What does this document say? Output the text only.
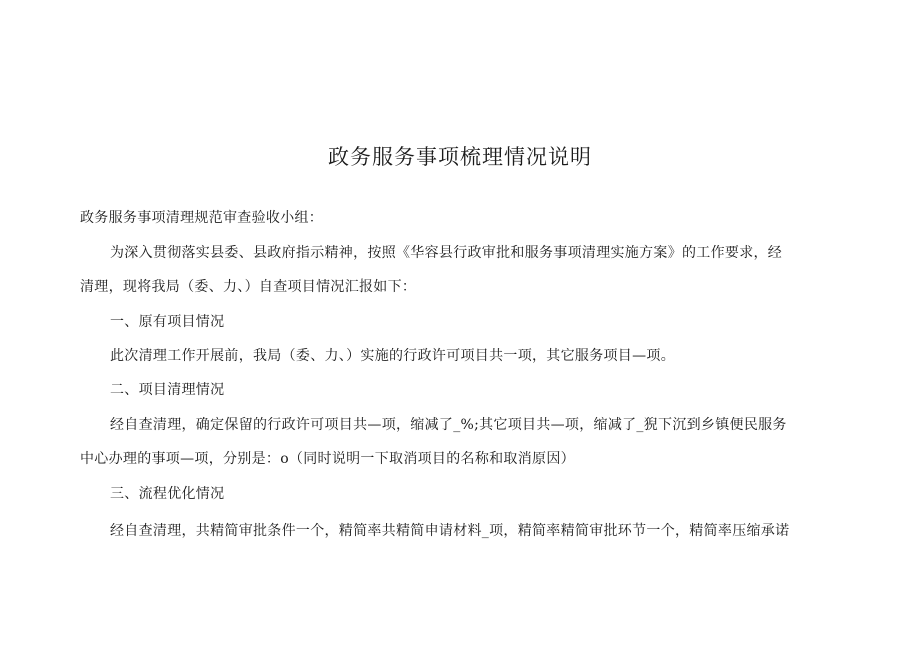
政务服务事项梳理情况说明
政务服务事项清理规范审查验收小组：
为深入贯彻落实县委、县政府指示精神，按照《华容县行政审批和服务事项清理实施方案》的工作要求，经
清理，现将我局（委、力、）自查项目情况汇报如下：
一、原有项目情况
此次清理工作开展前，我局（委、力、）实施的行政许可项目共一项，其它服务项目—项。
二、项目清理情况
经自查清理，确定保留的行政许可项目共—项，缩减了_%;其它项目共—项，缩减了_猊下沉到乡镇便民服务
中心办理的事项—项，分别是：o（同时说明一下取消项目的名称和取消原因）
三、流程优化情况
经自查清理，共精简审批条件一个，精简率共精简申请材料_项，精简率精简审批环节一个，精简率压缩承诺
